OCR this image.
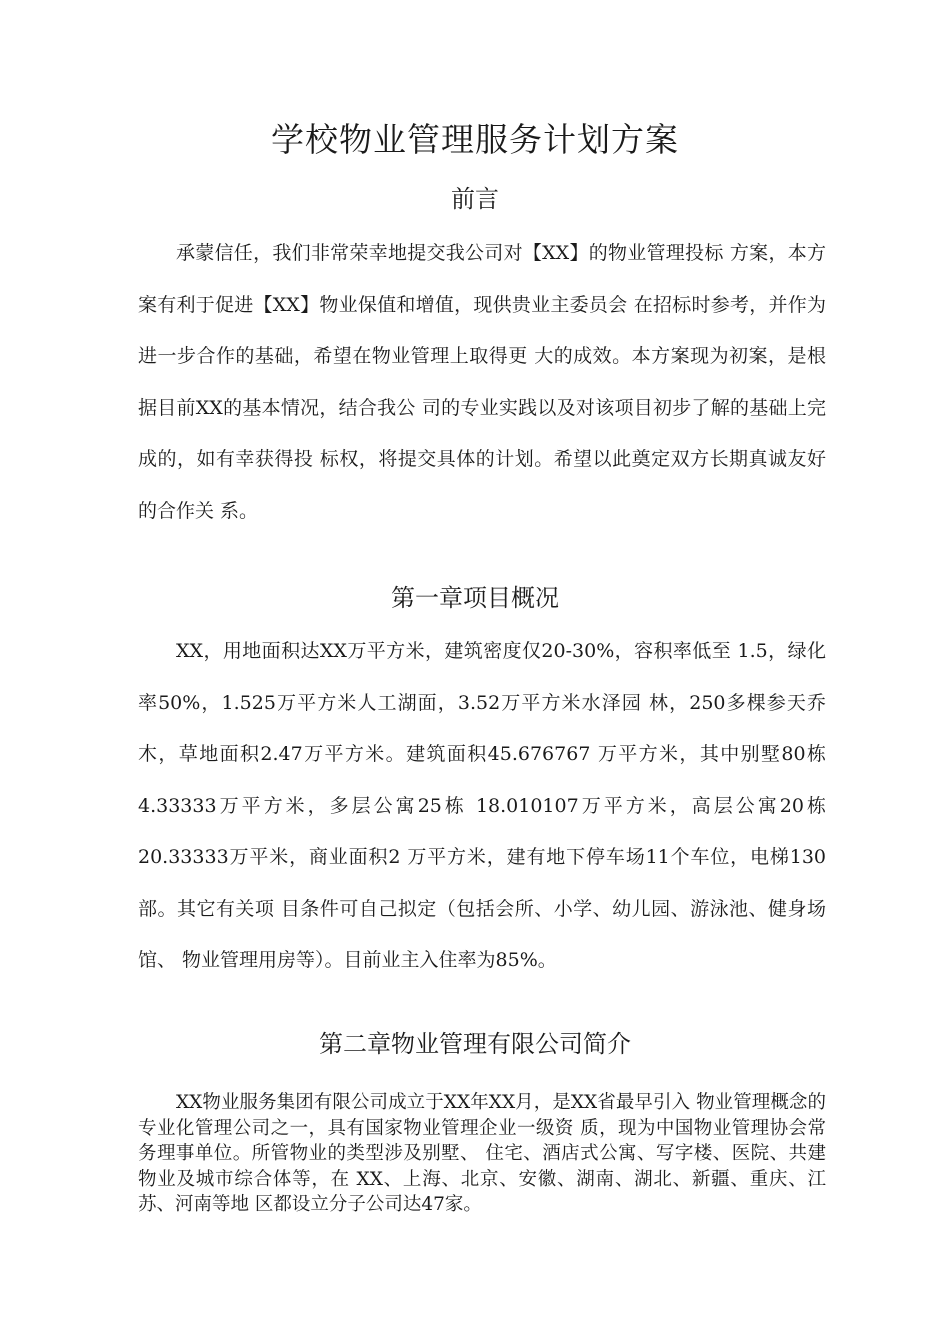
学校物业管理服务计划方案
前言

承蒙信任，我们非常荣幸地提交我公司对【XX】的物业管理投标 方案，本方案有利于促进【XX】物业保值和增值，现供贵业主委员会 在招标时参考，并作为进一步合作的基础，希望在物业管理上取得更 大的成效。本方案现为初案，是根据目前XX的基本情况，结合我公 司的专业实践以及对该项目初步了解的基础上完成的，如有幸获得投 标权，将提交具体的计划。希望以此奠定双方长期真诚友好的合作关 系。

第一章项目概况

XX，用地面积达XX万平方米，建筑密度仅20-30%，容积率低至 1.5，绿化率50%，1.525万平方米人工湖面，3.52万平方米水泽园 林，250多棵参天乔木，草地面积2.47万平方米。建筑面积45.676767 万平方米，其中别墅80栋4.33333万平方米，多层公寓25栋 18.010107万平方米，高层公寓20栋20.33333万平米，商业面积2 万平方米，建有地下停车场11个车位，电梯130部。其它有关项 目条件可自己拟定（包括会所、小学、幼儿园、游泳池、健身场馆、 物业管理用房等）。目前业主入住率为85%。

第二章物业管理有限公司简介

XX物业服务集团有限公司成立于XX年XX月，是XX省最早引入 物业管理概念的专业化管理公司之一，具有国家物业管理企业一级资 质，现为中国物业管理协会常务理事单位。所管物业的类型涉及别墅、 住宅、酒店式公寓、写字楼、医院、共建物业及城市综合体等，在 XX、上海、北京、安徽、湖南、湖北、新疆、重庆、江苏、河南等地 区都设立分子公司达47家。
